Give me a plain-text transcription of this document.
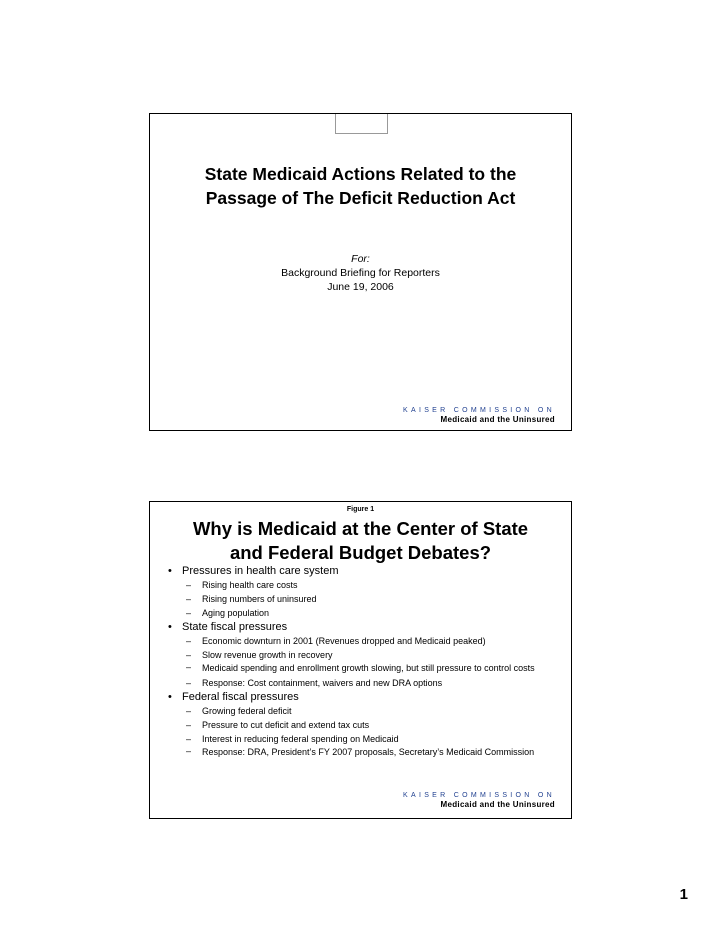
State Medicaid Actions Related to the
Passage of The Deficit Reduction Act
For:
Background Briefing for Reporters
June 19, 2006
KAISER COMMISSION ON
Medicaid and the Uninsured
Figure 1
Why is Medicaid at the Center of State
and Federal Budget Debates?
• Pressures in health care system
– Rising health care costs
– Rising numbers of uninsured
– Aging population
• State fiscal pressures
– Economic downturn in 2001 (Revenues dropped and Medicaid peaked)
– Slow revenue growth in recovery
– Medicaid spending and enrollment growth slowing, but still pressure to control costs
– Response: Cost containment, waivers and new DRA options
• Federal fiscal pressures
– Growing federal deficit
– Pressure to cut deficit and extend tax cuts
– Interest in reducing federal spending on Medicaid
– Response: DRA, President’s FY 2007 proposals, Secretary’s Medicaid Commission
KAISER COMMISSION ON
Medicaid and the Uninsured
1
